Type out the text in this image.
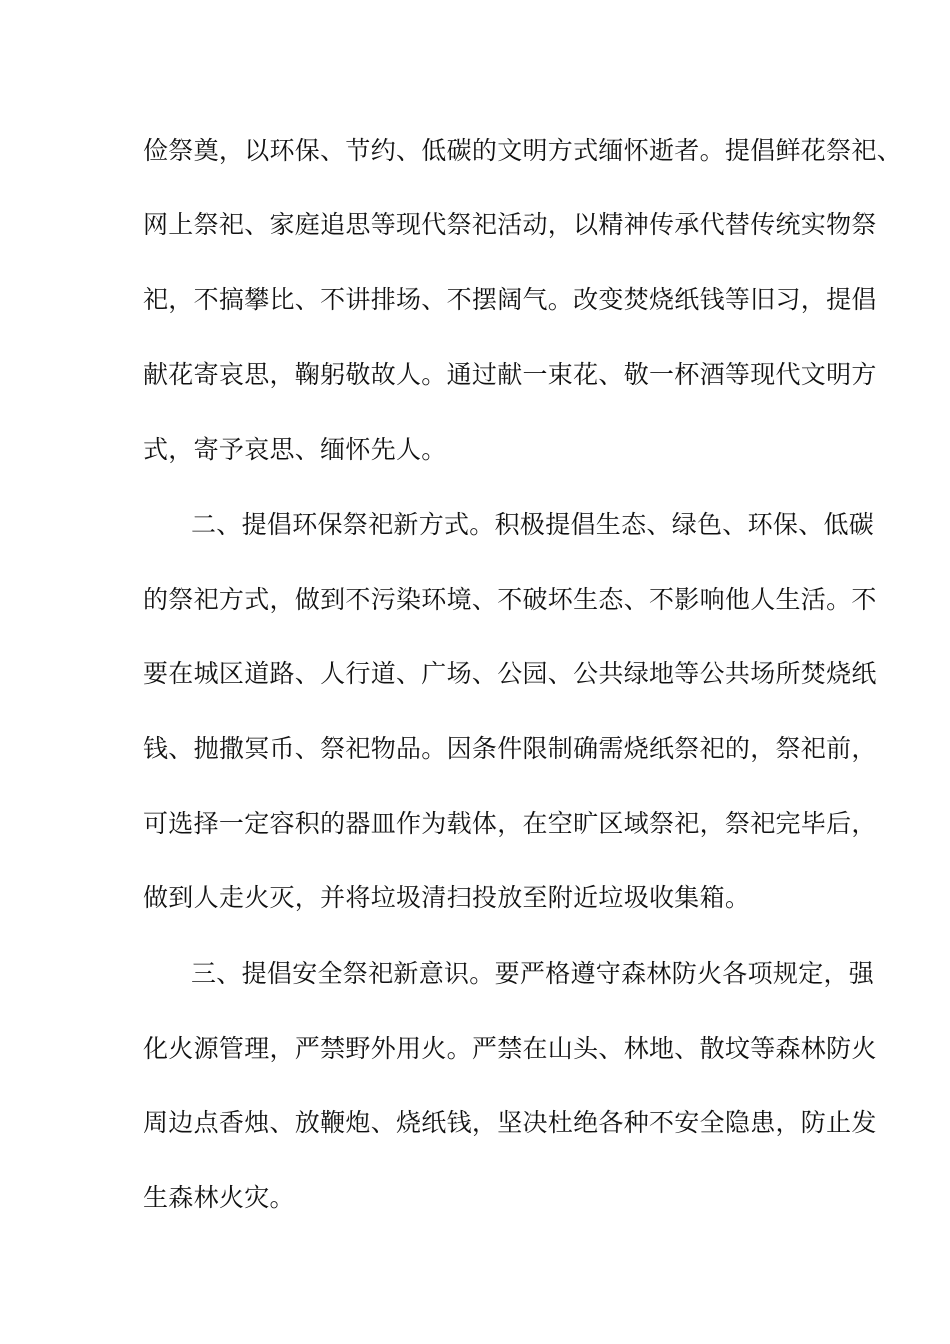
俭祭奠，以环保、节约、低碳的文明方式缅怀逝者。提倡鲜花祭祀、
网上祭祀、家庭追思等现代祭祀活动，以精神传承代替传统实物祭
祀，不搞攀比、不讲排场、不摆阔气。改变焚烧纸钱等旧习，提倡
献花寄哀思，鞠躬敬故人。通过献一束花、敬一杯酒等现代文明方
式，寄予哀思、缅怀先人。
二、提倡环保祭祀新方式。积极提倡生态、绿色、环保、低碳
的祭祀方式，做到不污染环境、不破坏生态、不影响他人生活。不
要在城区道路、人行道、广场、公园、公共绿地等公共场所焚烧纸
钱、抛撒冥币、祭祀物品。因条件限制确需烧纸祭祀的，祭祀前，
可选择一定容积的器皿作为载体，在空旷区域祭祀，祭祀完毕后，
做到人走火灭，并将垃圾清扫投放至附近垃圾收集箱。
三、提倡安全祭祀新意识。要严格遵守森林防火各项规定，强
化火源管理，严禁野外用火。严禁在山头、林地、散坟等森林防火
周边点香烛、放鞭炮、烧纸钱，坚决杜绝各种不安全隐患，防止发
生森林火灾。
